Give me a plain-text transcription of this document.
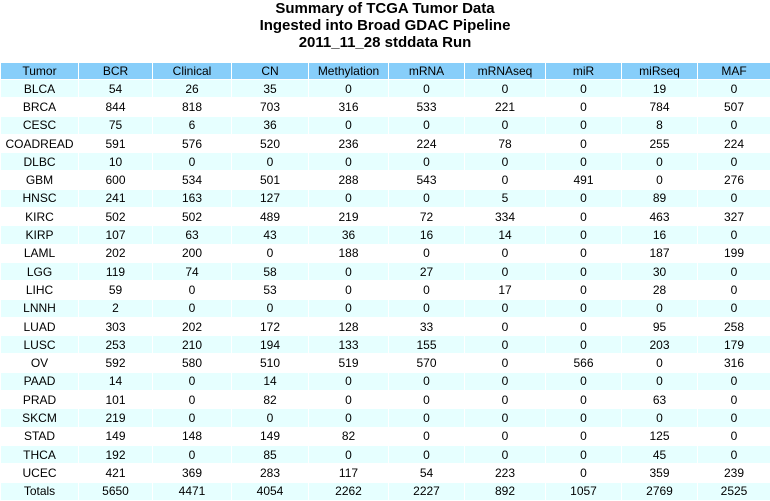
Summary of TCGA Tumor Data
Ingested into Broad GDAC Pipeline
2011_11_28 stddata Run
Tumor	BCR	Clinical	CN	Methylation	mRNA	mRNAseq	miR	miRseq	MAF
BLCA	54	26	35	0	0	0	0	19	0
BRCA	844	818	703	316	533	221	0	784	507
CESC	75	6	36	0	0	0	0	8	0
COADREAD	591	576	520	236	224	78	0	255	224
DLBC	10	0	0	0	0	0	0	0	0
GBM	600	534	501	288	543	0	491	0	276
HNSC	241	163	127	0	0	5	0	89	0
KIRC	502	502	489	219	72	334	0	463	327
KIRP	107	63	43	36	16	14	0	16	0
LAML	202	200	0	188	0	0	0	187	199
LGG	119	74	58	0	27	0	0	30	0
LIHC	59	0	53	0	0	17	0	28	0
LNNH	2	0	0	0	0	0	0	0	0
LUAD	303	202	172	128	33	0	0	95	258
LUSC	253	210	194	133	155	0	0	203	179
OV	592	580	510	519	570	0	566	0	316
PAAD	14	0	14	0	0	0	0	0	0
PRAD	101	0	82	0	0	0	0	63	0
SKCM	219	0	0	0	0	0	0	0	0
STAD	149	148	149	82	0	0	0	125	0
THCA	192	0	85	0	0	0	0	45	0
UCEC	421	369	283	117	54	223	0	359	239
Totals	5650	4471	4054	2262	2227	892	1057	2769	2525
